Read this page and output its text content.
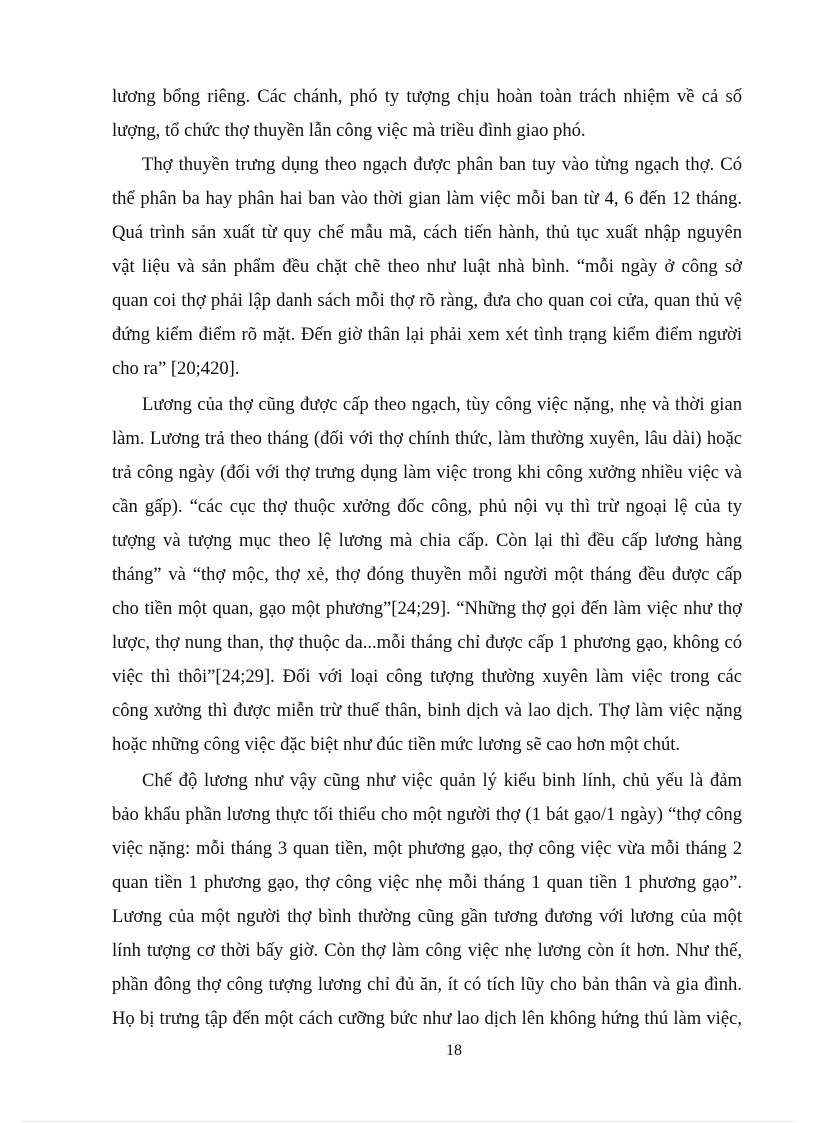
lương bổng riêng. Các chánh, phó ty tượng chịu hoàn toàn trách nhiệm về cả số
lượng, tổ chức thợ thuyền lẫn công việc mà triều đình giao phó.
Thợ thuyền trưng dụng theo ngạch được phân ban tuy vào từng ngạch thợ. Có
thể phân ba hay phân hai ban vào thời gian làm việc mỗi ban từ 4, 6 đến 12 tháng.
Quá trình sản xuất từ quy chế mẫu mã, cách tiến hành, thủ tục xuất nhập nguyên
vật liệu và sản phẩm đều chặt chẽ theo như luật nhà bình. “mỗi ngày ở công sở
quan coi thợ phải lập danh sách mỗi thợ rõ ràng, đưa cho quan coi cửa, quan thủ vệ
đứng kiểm điểm rõ mặt. Đến giờ thân lại phải xem xét tình trạng kiểm điểm người
cho ra” [20;420].
Lương của thợ cũng được cấp theo ngạch, tùy công việc nặng, nhẹ và thời gian
làm. Lương trả theo tháng (đối với thợ chính thức, làm thường xuyên, lâu dài) hoặc
trả công ngày (đối với thợ trưng dụng làm việc trong khi công xưởng nhiều việc và
cần gấp). “các cục thợ thuộc xưởng đốc công, phủ nội vụ thì trừ ngoại lệ của ty
tượng và tượng mục theo lệ lương mà chia cấp. Còn lại thì đều cấp lương hàng
tháng” và “thợ mộc, thợ xẻ, thợ đóng thuyền mỗi người một tháng đều được cấp
cho tiền một quan, gạo một phương”[24;29]. “Những thợ gọi đến làm việc như thợ
lược, thợ nung than, thợ thuộc da...mỗi tháng chỉ được cấp 1 phương gạo, không có
việc thì thôi”[24;29]. Đối với loại công tượng thường xuyên làm việc trong các
công xưởng thì được miễn trừ thuế thân, binh dịch và lao dịch. Thợ làm việc nặng
hoặc những công việc đặc biệt như đúc tiền mức lương sẽ cao hơn một chút.
Chế độ lương như vậy cũng như việc quản lý kiểu binh lính, chủ yếu là đảm
bảo khẩu phần lương thực tối thiểu cho một người thợ (1 bát gạo/1 ngày) “thợ công
việc nặng: mỗi tháng 3 quan tiền, một phương gạo, thợ công việc vừa mỗi tháng 2
quan tiền 1 phương gạo, thợ công việc nhẹ mỗi tháng 1 quan tiền 1 phương gạo”.
Lương của một người thợ bình thường cũng gần tương đương với lương của một
lính tượng cơ thời bấy giờ. Còn thợ làm công việc nhẹ lương còn ít hơn. Như thế,
phần đông thợ công tượng lương chỉ đủ ăn, ít có tích lũy cho bản thân và gia đình.
Họ bị trưng tập đến một cách cưỡng bức như lao dịch lên không hứng thú làm việc,
18
